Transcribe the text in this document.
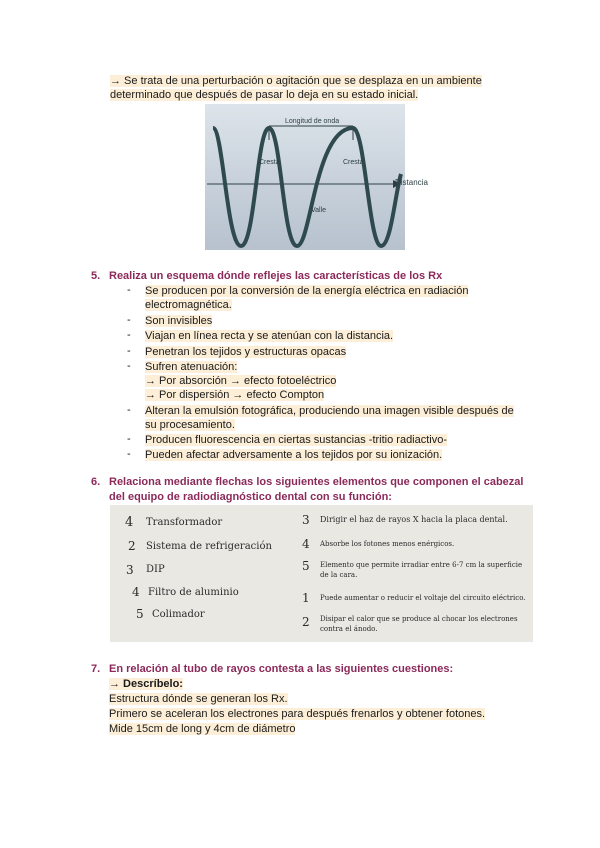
→ Se trata de una perturbación o agitación que se desplaza en un ambiente
determinado que después de pasar lo deja en su estado inicial.
Longitud de onda
Cresta	Cresta
Valle
Distancia
5. Realiza un esquema dónde reflejes las características de los Rx
- Se producen por la conversión de la energía eléctrica en radiación
electromagnética.
- Son invisibles
- Viajan en línea recta y se atenúan con la distancia.
- Penetran los tejidos y estructuras opacas
- Sufren atenuación:
→ Por absorción → efecto fotoeléctrico
→ Por dispersión → efecto Compton
- Alteran la emulsión fotográfica, produciendo una imagen visible después de
su procesamiento.
- Producen fluorescencia en ciertas sustancias -tritio radiactivo-
- Pueden afectar adversamente a los tejidos por su ionización.
6. Relaciona mediante flechas los siguientes elementos que componen el cabezal
del equipo de radiodiagnóstico dental con su función:
4 Transformador
2 Sistema de refrigeración
3 DIP
4 Filtro de aluminio
5 Colimador
3 Dirigir el haz de rayos X hacia la placa dental.
4 Absorbe los fotones menos enérgicos.
5 Elemento que permite irradiar entre 6-7 cm la superficie
de la cara.
1 Puede aumentar o reducir el voltaje del circuito eléctrico.
2 Disipar el calor que se produce al chocar los electrones
contra el ánodo.
7. En relación al tubo de rayos contesta a las siguientes cuestiones:
→ Descríbelo:
Estructura dónde se generan los Rx.
Primero se aceleran los electrones para después frenarlos y obtener fotones.
Mide 15cm de long y 4cm de diámetro
